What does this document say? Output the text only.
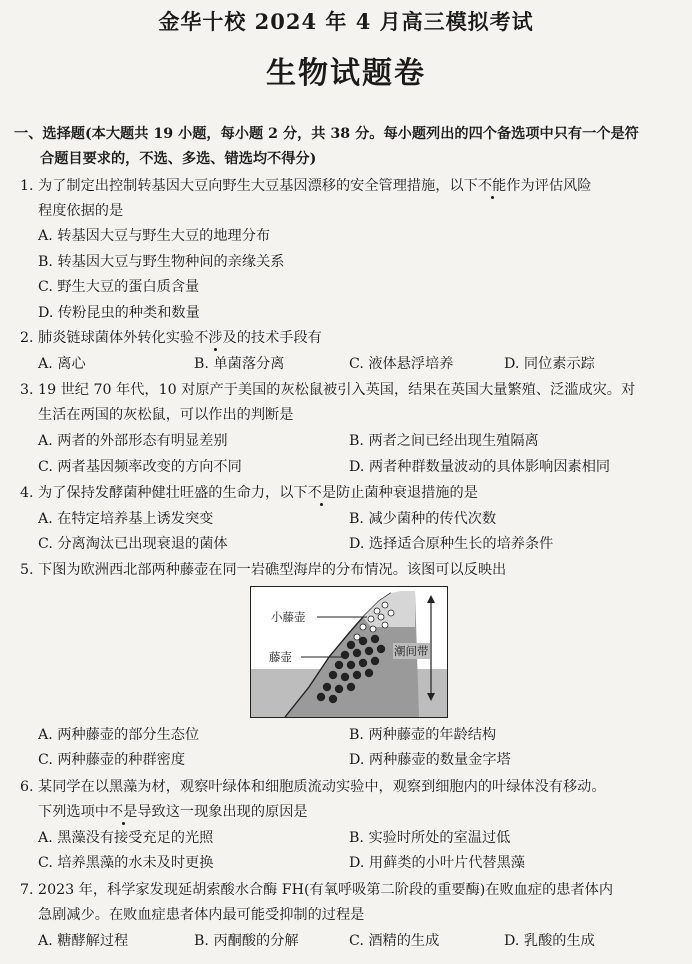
金华十校 2024 年 4 月高三模拟考试
生物试题卷
一、选择题(本大题共 19 小题，每小题 2 分，共 38 分。每小题列出的四个备选项中只有一个是符
合题目要求的，不选、多选、错选均不得分)
1. 为了制定出控制转基因大豆向野生大豆基因漂移的安全管理措施，以下不能作为评估风险
程度依据的是
A. 转基因大豆与野生大豆的地理分布
B. 转基因大豆与野生物种间的亲缘关系
C. 野生大豆的蛋白质含量
D. 传粉昆虫的种类和数量
2. 肺炎链球菌体外转化实验不涉及的技术手段有
A. 离心	B. 单菌落分离	C. 液体悬浮培养	D. 同位素示踪
3. 19 世纪 70 年代，10 对原产于美国的灰松鼠被引入英国，结果在英国大量繁殖、泛滥成灾。对
生活在两国的灰松鼠，可以作出的判断是
A. 两者的外部形态有明显差别	B. 两者之间已经出现生殖隔离
C. 两者基因频率改变的方向不同	D. 两者种群数量波动的具体影响因素相同
4. 为了保持发酵菌种健壮旺盛的生命力，以下不是防止菌种衰退措施的是
A. 在特定培养基上诱发突变	B. 减少菌种的传代次数
C. 分离淘汰已出现衰退的菌体	D. 选择适合原种生长的培养条件
5. 下图为欧洲西北部两种藤壶在同一岩礁型海岸的分布情况。该图可以反映出
小藤壶
藤壶	潮间带
A. 两种藤壶的部分生态位	B. 两种藤壶的年龄结构
C. 两种藤壶的种群密度	D. 两种藤壶的数量金字塔
6. 某同学在以黑藻为材，观察叶绿体和细胞质流动实验中，观察到细胞内的叶绿体没有移动。
下列选项中不是导致这一现象出现的原因是
A. 黑藻没有接受充足的光照	B. 实验时所处的室温过低
C. 培养黑藻的水未及时更换	D. 用藓类的小叶片代替黑藻
7. 2023 年，科学家发现延胡索酸水合酶 FH(有氧呼吸第二阶段的重要酶)在败血症的患者体内
急剧减少。在败血症患者体内最可能受抑制的过程是
A. 糖酵解过程	B. 丙酮酸的分解	C. 酒精的生成	D. 乳酸的生成
